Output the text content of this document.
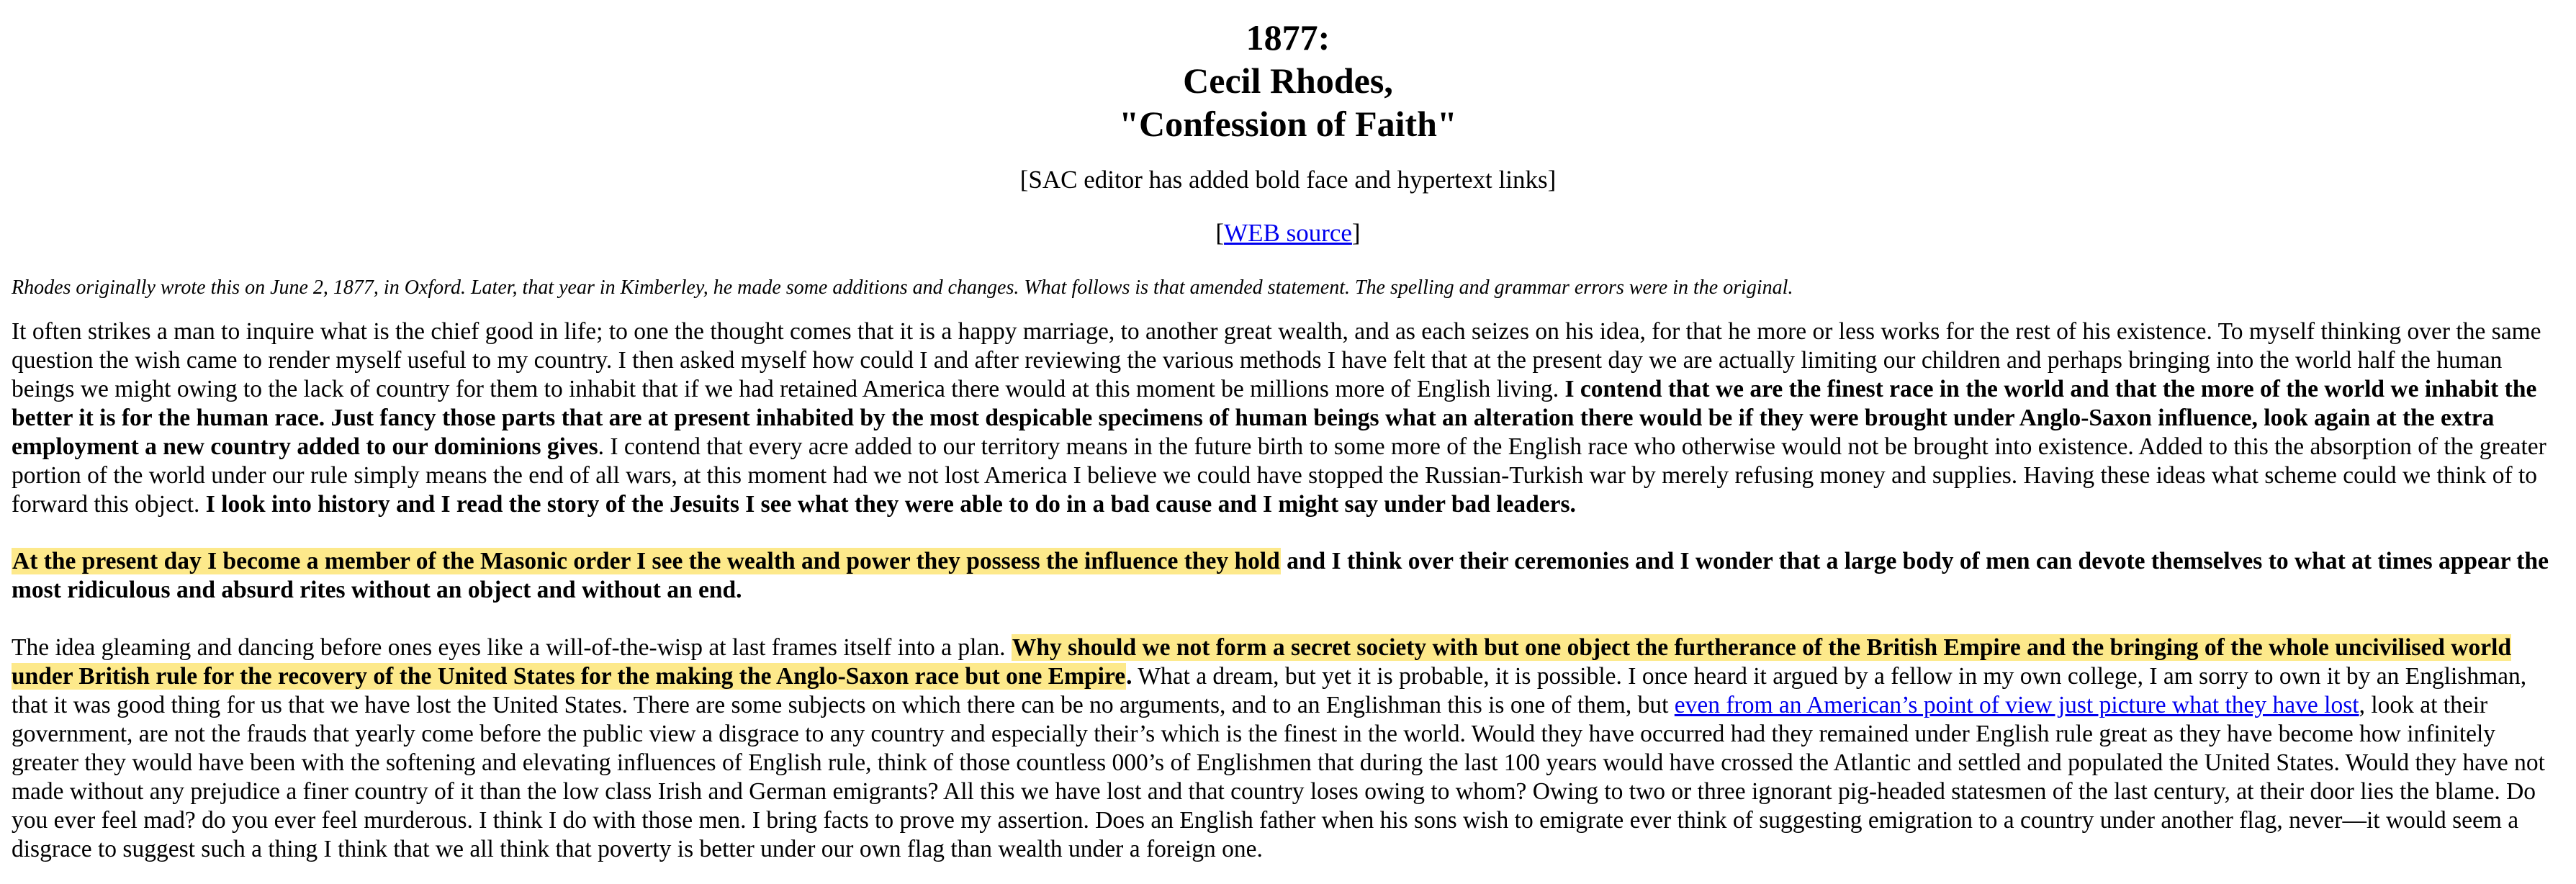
1877:
Cecil Rhodes,
"Confession of Faith"
[SAC editor has added bold face and hypertext links]
[WEB source]
Rhodes originally wrote this on June 2, 1877, in Oxford. Later, that year in Kimberley, he made some additions and changes. What follows is that amended statement. The spelling and grammar errors were in the original.

It often strikes a man to inquire what is the chief good in life; to one the thought comes that it is a happy marriage, to another great wealth, and as each seizes on his idea, for that he more or less works for the rest of his existence. To myself thinking over the same question the wish came to render myself useful to my country. I then asked myself how could I and after reviewing the various methods I have felt that at the present day we are actually limiting our children and perhaps bringing into the world half the human beings we might owing to the lack of country for them to inhabit that if we had retained America there would at this moment be millions more of English living. I contend that we are the finest race in the world and that the more of the world we inhabit the better it is for the human race. Just fancy those parts that are at present inhabited by the most despicable specimens of human beings what an alteration there would be if they were brought under Anglo-Saxon influence, look again at the extra employment a new country added to our dominions gives. I contend that every acre added to our territory means in the future birth to some more of the English race who otherwise would not be brought into existence. Added to this the absorption of the greater portion of the world under our rule simply means the end of all wars, at this moment had we not lost America I believe we could have stopped the Russian-Turkish war by merely refusing money and supplies. Having these ideas what scheme could we think of to forward this object. I look into history and I read the story of the Jesuits I see what they were able to do in a bad cause and I might say under bad leaders.

At the present day I become a member of the Masonic order I see the wealth and power they possess the influence they hold and I think over their ceremonies and I wonder that a large body of men can devote themselves to what at times appear the most ridiculous and absurd rites without an object and without an end.

The idea gleaming and dancing before ones eyes like a will-of-the-wisp at last frames itself into a plan. Why should we not form a secret society with but one object the furtherance of the British Empire and the bringing of the whole uncivilised world under British rule for the recovery of the United States for the making the Anglo-Saxon race but one Empire. What a dream, but yet it is probable, it is possible. I once heard it argued by a fellow in my own college, I am sorry to own it by an Englishman, that it was good thing for us that we have lost the United States. There are some subjects on which there can be no arguments, and to an Englishman this is one of them, but even from an American’s point of view just picture what they have lost, look at their government, are not the frauds that yearly come before the public view a disgrace to any country and especially their’s which is the finest in the world. Would they have occurred had they remained under English rule great as they have become how infinitely greater they would have been with the softening and elevating influences of English rule, think of those countless 000’s of Englishmen that during the last 100 years would have crossed the Atlantic and settled and populated the United States. Would they have not made without any prejudice a finer country of it than the low class Irish and German emigrants? All this we have lost and that country loses owing to whom? Owing to two or three ignorant pig-headed statesmen of the last century, at their door lies the blame. Do you ever feel mad? do you ever feel murderous. I think I do with those men. I bring facts to prove my assertion. Does an English father when his sons wish to emigrate ever think of suggesting emigration to a country under another flag, never—it would seem a disgrace to suggest such a thing I think that we all think that poverty is better under our own flag than wealth under a foreign one.
